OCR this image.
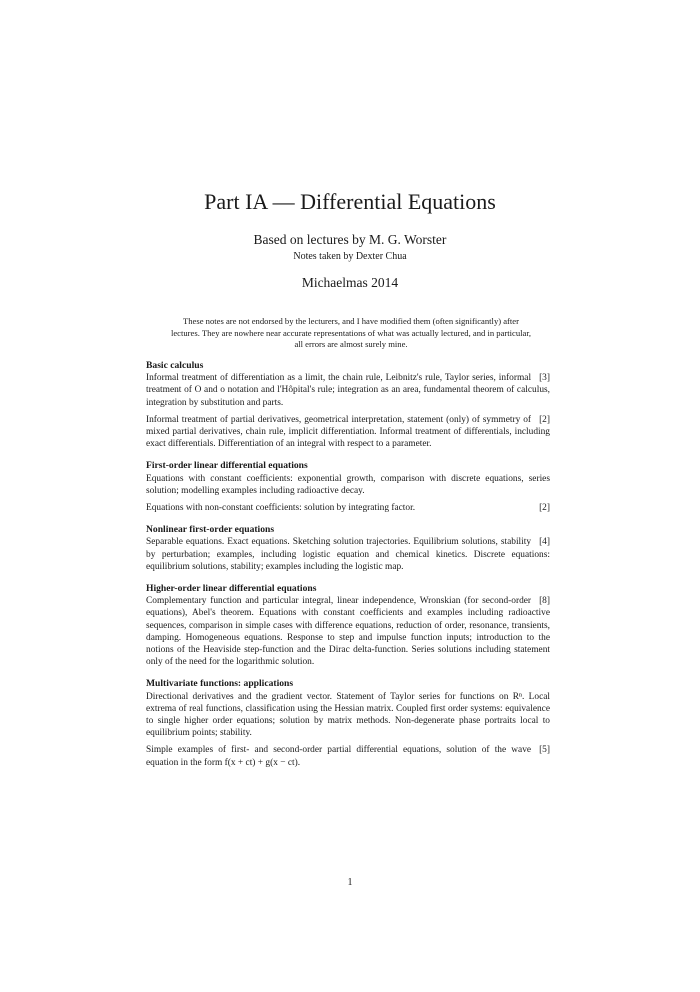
Part IA — Differential Equations
Based on lectures by M. G. Worster
Notes taken by Dexter Chua
Michaelmas 2014
These notes are not endorsed by the lecturers, and I have modified them (often significantly) after lectures. They are nowhere near accurate representations of what was actually lectured, and in particular, all errors are almost surely mine.
Basic calculus
[3]
Informal treatment of differentiation as a limit, the chain rule, Leibnitz's rule, Taylor series, informal treatment of O and o notation and l'Hôpital's rule; integration as an area, fundamental theorem of calculus, integration by substitution and parts.
[2]
Informal treatment of partial derivatives, geometrical interpretation, statement (only) of symmetry of mixed partial derivatives, chain rule, implicit differentiation. Informal treatment of differentials, including exact differentials. Differentiation of an integral with respect to a parameter.
First-order linear differential equations
Equations with constant coefficients: exponential growth, comparison with discrete equations, series solution; modelling examples including radioactive decay.
[2]
Equations with non-constant coefficients: solution by integrating factor.
Nonlinear first-order equations
[4]
Separable equations. Exact equations. Sketching solution trajectories. Equilibrium solutions, stability by perturbation; examples, including logistic equation and chemical kinetics. Discrete equations: equilibrium solutions, stability; examples including the logistic map.
Higher-order linear differential equations
[8]
Complementary function and particular integral, linear independence, Wronskian (for second-order equations), Abel's theorem. Equations with constant coefficients and examples including radioactive sequences, comparison in simple cases with difference equations, reduction of order, resonance, transients, damping. Homogeneous equations. Response to step and impulse function inputs; introduction to the notions of the Heaviside step-function and the Dirac delta-function. Series solutions including statement only of the need for the logarithmic solution.
Multivariate functions: applications
Directional derivatives and the gradient vector. Statement of Taylor series for functions on Rⁿ. Local extrema of real functions, classification using the Hessian matrix. Coupled first order systems: equivalence to single higher order equations; solution by matrix methods. Non-degenerate phase portraits local to equilibrium points; stability.
[5]
Simple examples of first- and second-order partial differential equations, solution of the wave equation in the form f(x + ct) + g(x − ct).
1
